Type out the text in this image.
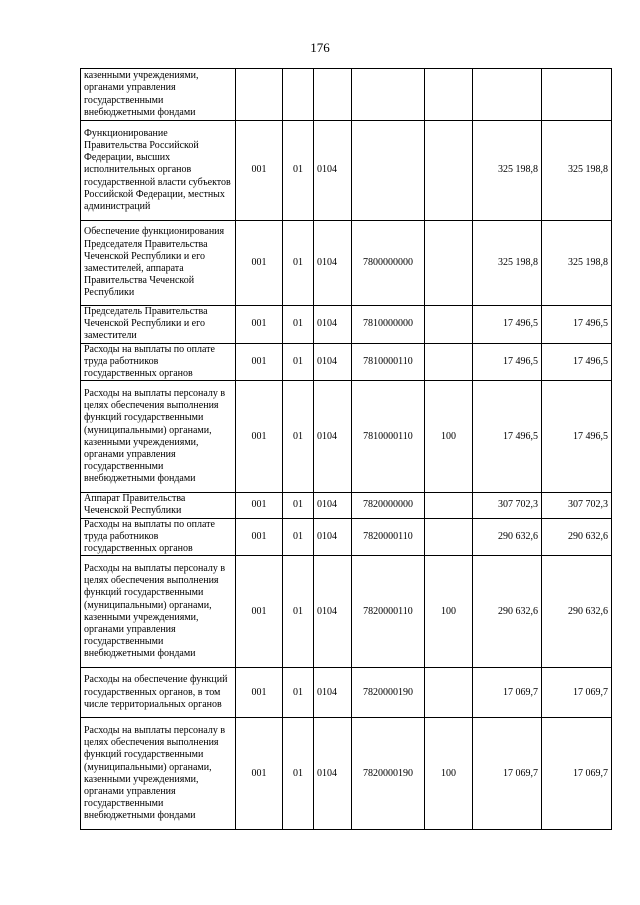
176
казенными учреждениями, органами управления государственными внебюджетными фондами							
Функционирование Правительства Российской Федерации, высших исполнительных органов государственной власти субъектов Российской Федерации, местных администраций	001	01	0104			325 198,8	325 198,8
Обеспечение функционирования Председателя Правительства Чеченской Республики и его заместителей, аппарата Правительства Чеченской Республики	001	01	0104	7800000000		325 198,8	325 198,8
Председатель Правительства Чеченской Республики и его заместители	001	01	0104	7810000000		17 496,5	17 496,5
Расходы на выплаты по оплате труда работников государственных органов	001	01	0104	7810000110		17 496,5	17 496,5
Расходы на выплаты персоналу в целях обеспечения выполнения функций государственными (муниципальными) органами, казенными учреждениями, органами управления государственными внебюджетными фондами	001	01	0104	7810000110	100	17 496,5	17 496,5
Аппарат Правительства Чеченской Республики	001	01	0104	7820000000		307 702,3	307 702,3
Расходы на выплаты по оплате труда работников государственных органов	001	01	0104	7820000110		290 632,6	290 632,6
Расходы на выплаты персоналу в целях обеспечения выполнения функций государственными (муниципальными) органами, казенными учреждениями, органами управления государственными внебюджетными фондами	001	01	0104	7820000110	100	290 632,6	290 632,6
Расходы на обеспечение функций государственных органов, в том числе территориальных органов	001	01	0104	7820000190		17 069,7	17 069,7
Расходы на выплаты персоналу в целях обеспечения выполнения функций государственными (муниципальными) органами, казенными учреждениями, органами управления государственными внебюджетными фондами	001	01	0104	7820000190	100	17 069,7	17 069,7
